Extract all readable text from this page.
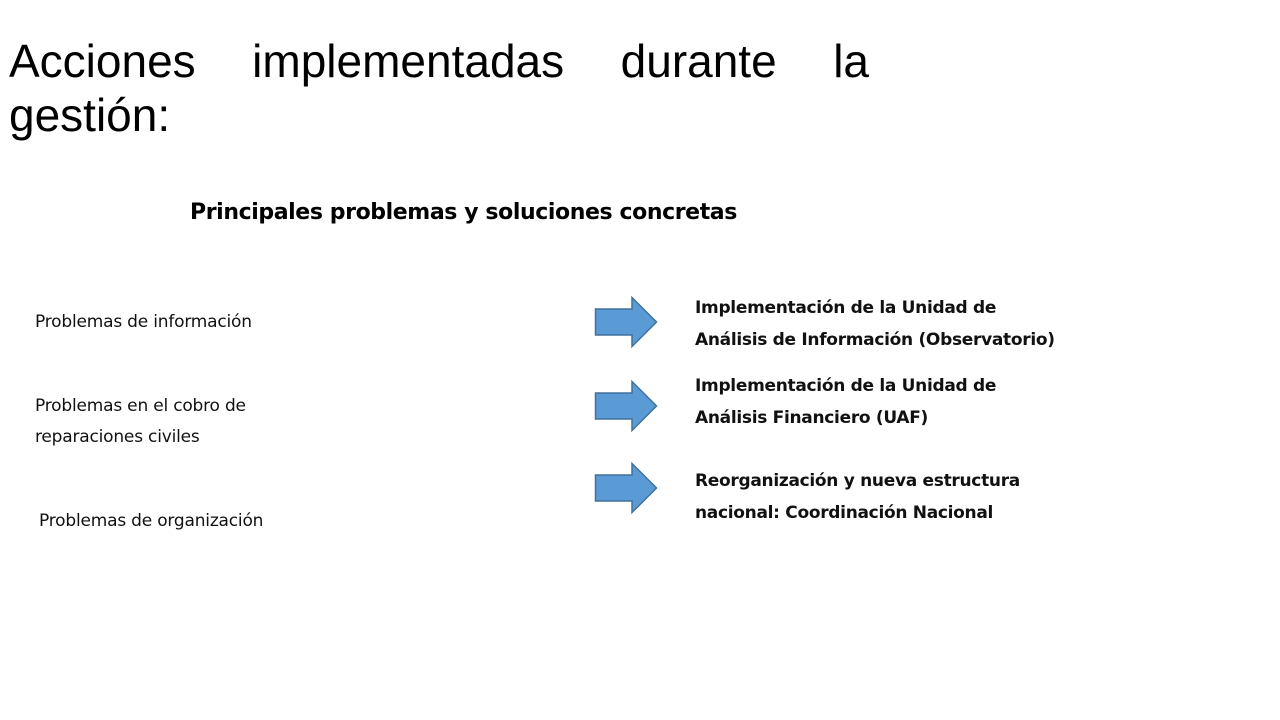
Acciones implementadas durante la gestión:
Principales problemas y soluciones concretas
Problemas de información
Implementación de la Unidad de
Análisis de Información (Observatorio)
Problemas en el cobro de
reparaciones civiles
Implementación de la Unidad de
Análisis Financiero (UAF)
Problemas de organización
Reorganización y nueva estructura
nacional: Coordinación Nacional
